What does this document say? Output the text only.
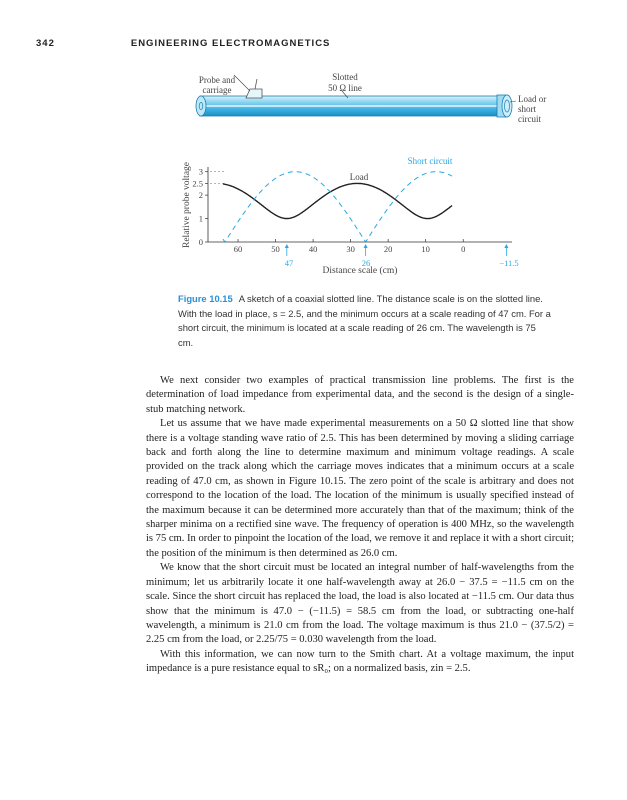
342	ENGINEERING ELECTROMAGNETICS
Probe and
carriage
Slotted
50 Ω line
Load or
short
circuit
3
2.5
2
1
0
60	50	40	30	20	10	0
Relative probe voltage
Distance scale (cm)
Short circuit
Load
47	26	−11.5
Figure 10.15 A sketch of a coaxial slotted line. The distance scale is on the slotted line. With the load in place, s = 2.5, and the minimum occurs at a scale reading of 47 cm. For a short circuit, the minimum is located at a scale reading of 26 cm. The wavelength is 75 cm.

We next consider two examples of practical transmission line problems. The first is the determination of load impedance from experimental data, and the second is the design of a single-stub matching network.

Let us assume that we have made experimental measurements on a 50 Ω slotted line that show there is a voltage standing wave ratio of 2.5. This has been determined by moving a sliding carriage back and forth along the line to determine maximum and minimum voltage readings. A scale provided on the track along which the carriage moves indicates that a minimum occurs at a scale reading of 47.0 cm, as shown in Figure 10.15. The zero point of the scale is arbitrary and does not correspond to the location of the load. The location of the minimum is usually specified instead of the maximum because it can be determined more accurately than that of the maximum; think of the sharper minima on a rectified sine wave. The frequency of operation is 400 MHz, so the wavelength is 75 cm. In order to pinpoint the location of the load, we remove it and replace it with a short circuit; the position of the minimum is then determined as 26.0 cm.

We know that the short circuit must be located an integral number of half-wavelengths from the minimum; let us arbitrarily locate it one half-wavelength away at 26.0 − 37.5 = −11.5 cm on the scale. Since the short circuit has replaced the load, the load is also located at −11.5 cm. Our data thus show that the minimum is 47.0 − (−11.5) = 58.5 cm from the load, or subtracting one-half wavelength, a minimum is 21.0 cm from the load. The voltage maximum is thus 21.0 − (37.5/2) = 2.25 cm from the load, or 2.25/75 = 0.030 wavelength from the load.

With this information, we can now turn to the Smith chart. At a voltage maximum, the input impedance is a pure resistance equal to sR₀; on a normalized basis, zin = 2.5.
